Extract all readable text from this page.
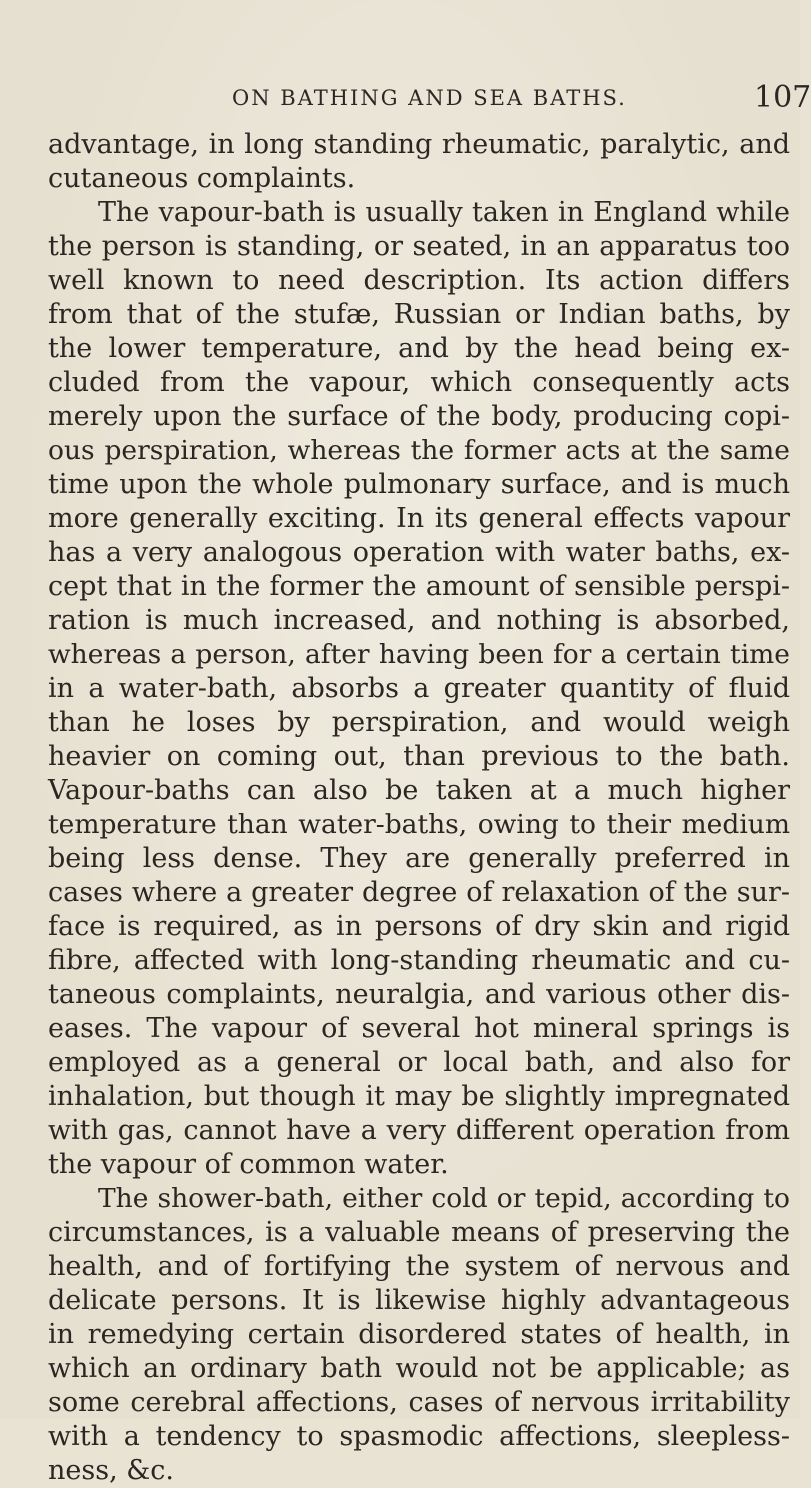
ON BATHING AND SEA BATHS.	107
advantage, in long standing rheumatic, paralytic, and
cutaneous complaints.
The vapour-bath is usually taken in England while
the person is standing, or seated, in an apparatus too
well known to need description. Its action differs
from that of the stufæ, Russian or Indian baths, by
the lower temperature, and by the head being ex-
cluded from the vapour, which consequently acts
merely upon the surface of the body, producing copi-
ous perspiration, whereas the former acts at the same
time upon the whole pulmonary surface, and is much
more generally exciting. In its general effects vapour
has a very analogous operation with water baths, ex-
cept that in the former the amount of sensible perspi-
ration is much increased, and nothing is absorbed,
whereas a person, after having been for a certain time
in a water-bath, absorbs a greater quantity of fluid
than he loses by perspiration, and would weigh
heavier on coming out, than previous to the bath.
Vapour-baths can also be taken at a much higher
temperature than water-baths, owing to their medium
being less dense. They are generally preferred in
cases where a greater degree of relaxation of the sur-
face is required, as in persons of dry skin and rigid
fibre, affected with long-standing rheumatic and cu-
taneous complaints, neuralgia, and various other dis-
eases. The vapour of several hot mineral springs is
employed as a general or local bath, and also for
inhalation, but though it may be slightly impregnated
with gas, cannot have a very different operation from
the vapour of common water.
The shower-bath, either cold or tepid, according to
circumstances, is a valuable means of preserving the
health, and of fortifying the system of nervous and
delicate persons. It is likewise highly advantageous
in remedying certain disordered states of health, in
which an ordinary bath would not be applicable; as
some cerebral affections, cases of nervous irritability
with a tendency to spasmodic affections, sleepless-
ness, &c.
